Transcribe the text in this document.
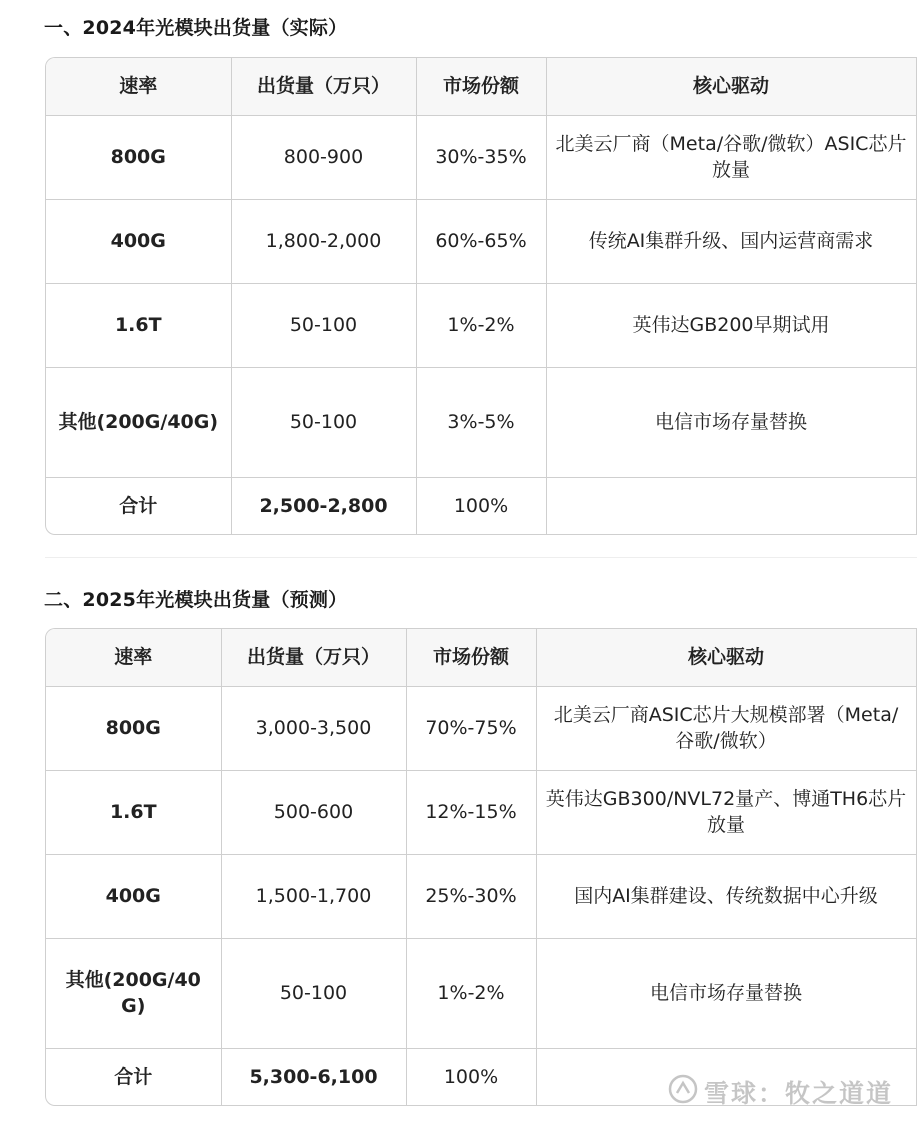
一、2024年光模块出货量（实际）
速率	出货量（万只）	市场份额	核心驱动
800G	800-900	30%-35%	北美云厂商（Meta/谷歌/微软）ASIC芯片放量
400G	1,800-2,000	60%-65%	传统AI集群升级、国内运营商需求
1.6T	50-100	1%-2%	英伟达GB200早期试用
其他(200G/40G)	50-100	3%-5%	电信市场存量替换
合计	2,500-2,800	100%	
二、2025年光模块出货量（预测）
速率	出货量（万只）	市场份额	核心驱动
800G	3,000-3,500	70%-75%	北美云厂商ASIC芯片大规模部署（Meta/谷歌/微软）
1.6T	500-600	12%-15%	英伟达GB300/NVL72量产、博通TH6芯片放量
400G	1,500-1,700	25%-30%	国内AI集群建设、传统数据中心升级
其他(200G/40G)	50-100	1%-2%	电信市场存量替换
合计	5,300-6,100	100%	
雪球：牧之道道
